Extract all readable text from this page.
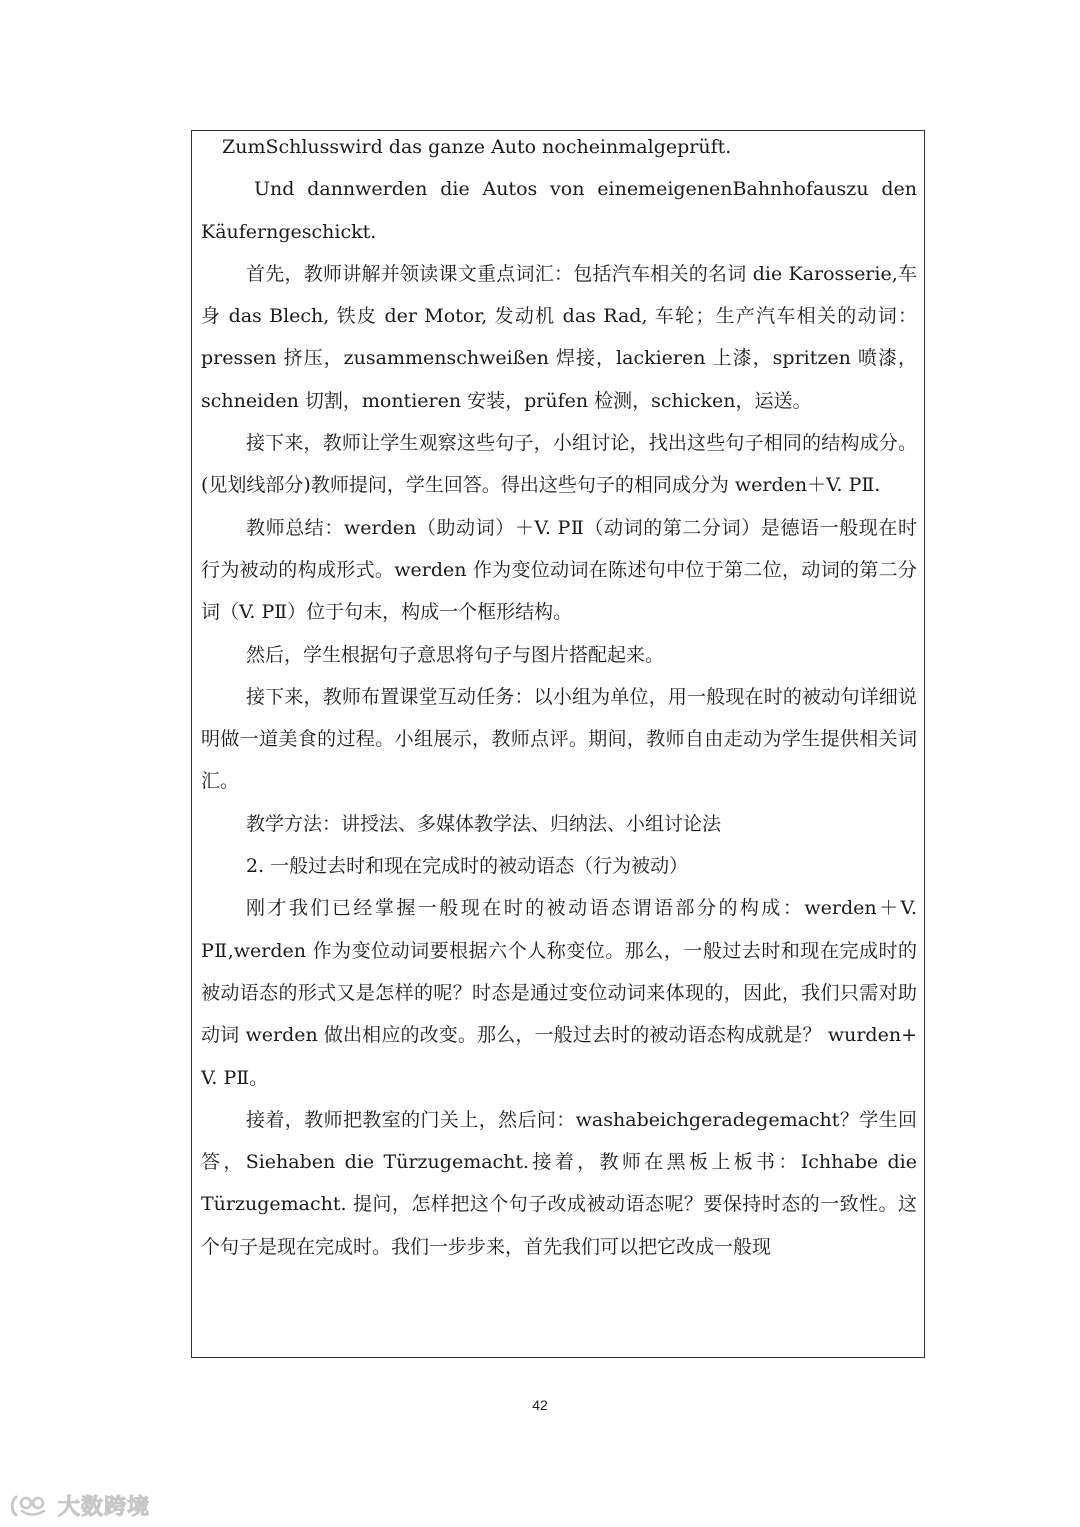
ZumSchlusswird das ganze Auto nocheinmalgeprüft.

Und dannwerden die Autos von einemeigenenBahnhofauszu den Käuferngeschickt.

首先，教师讲解并领读课文重点词汇：包括汽车相关的名词 die Karosserie,车身 das Blech, 铁皮 der Motor, 发动机 das Rad, 车轮；生产汽车相关的动词：pressen 挤压，zusammenschweißen 焊接，lackieren 上漆，spritzen 喷漆， schneiden 切割，montieren 安装，prüfen 检测，schicken，运送。

接下来，教师让学生观察这些句子，小组讨论，找出这些句子相同的结构成分。(见划线部分)教师提问，学生回答。得出这些句子的相同成分为 werden＋V. PⅡ.

教师总结：werden（助动词）＋V. PⅡ（动词的第二分词）是德语一般现在时行为被动的构成形式。werden 作为变位动词在陈述句中位于第二位，动词的第二分词（V. PⅡ）位于句末，构成一个框形结构。

然后，学生根据句子意思将句子与图片搭配起来。

接下来，教师布置课堂互动任务：以小组为单位，用一般现在时的被动句详细说明做一道美食的过程。小组展示，教师点评。期间，教师自由走动为学生提供相关词汇。

教学方法：讲授法、多媒体教学法、归纳法、小组讨论法

2. 一般过去时和现在完成时的被动语态（行为被动）

刚才我们已经掌握一般现在时的被动语态谓语部分的构成：werden＋V. PⅡ,werden 作为变位动词要根据六个人称变位。那么，一般过去时和现在完成时的被动语态的形式又是怎样的呢？时态是通过变位动词来体现的，因此，我们只需对助动词 werden 做出相应的改变。那么，一般过去时的被动语态构成就是？ wurden+ V. PⅡ。

接着，教师把教室的门关上，然后问：washabeichgeradegemacht？学生回答，Siehaben die Türzugemacht.接着，教师在黑板上板书：Ichhabe die Türzugemacht. 提问，怎样把这个句子改成被动语态呢？要保持时态的一致性。这个句子是现在完成时。我们一步步来，首先我们可以把它改成一般现

42
大数跨境
